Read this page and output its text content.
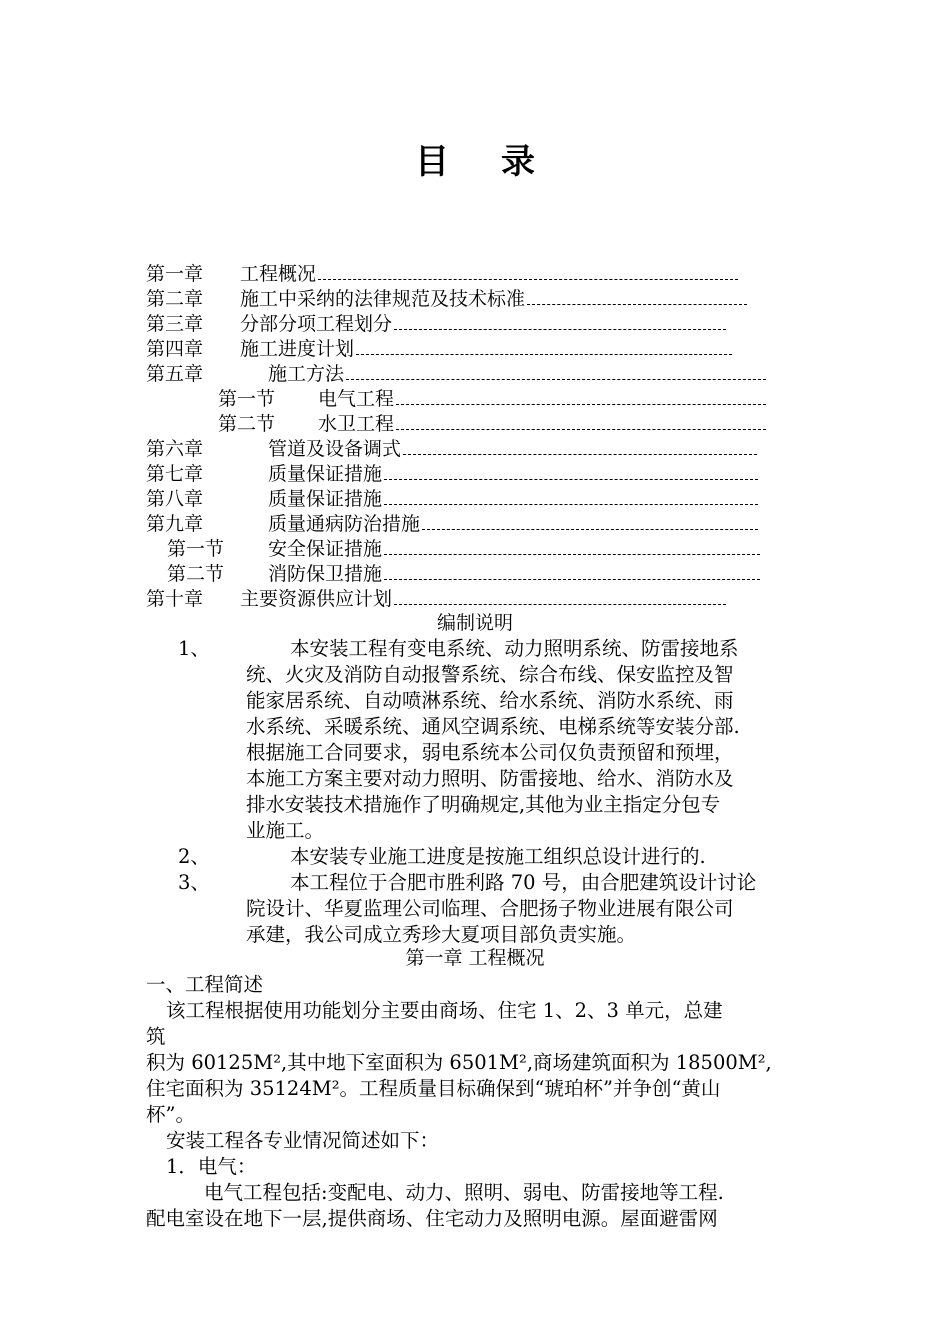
目 录
第一章	工程概况
第二章	施工中采纳的法律规范及技术标准
第三章	分部分项工程划分
第四章	施工进度计划
第五章	施工方法
第一节	电气工程
第二节	水卫工程
第六章	管道及设备调式
第七章	质量保证措施
第八章	质量保证措施
第九章	质量通病防治措施
第一节	安全保证措施
第二节	消防保卫措施
第十章	主要资源供应计划
编制说明
1、	本安装工程有变电系统、动力照明系统、防雷接地系
统、火灾及消防自动报警系统、综合布线、保安监控及智
能家居系统、自动喷淋系统、给水系统、消防水系统、雨
水系统、采暖系统、通风空调系统、电梯系统等安装分部.
根据施工合同要求，弱电系统本公司仅负责预留和预埋，
本施工方案主要对动力照明、防雷接地、给水、消防水及
排水安装技术措施作了明确规定,其他为业主指定分包专
业施工。
2、	本安装专业施工进度是按施工组织总设计进行的.
3、	本工程位于合肥市胜利路 70 号，由合肥建筑设计讨论
院设计、华夏监理公司临理、合肥扬子物业进展有限公司
承建，我公司成立秀珍大夏项目部负责实施。
第一章 工程概况
一、工程简述
该工程根据使用功能划分主要由商场、住宅 1、2、3 单元，总建
筑
积为 60125M²,其中地下室面积为 6501M²,商场建筑面积为 18500M²,
住宅面积为 35124M²。工程质量目标确保到“琥珀杯”并争创“黄山
杯”。
安装工程各专业情况简述如下：
1．电气：
电气工程包括:变配电、动力、照明、弱电、防雷接地等工程.
配电室设在地下一层,提供商场、住宅动力及照明电源。屋面避雷网
